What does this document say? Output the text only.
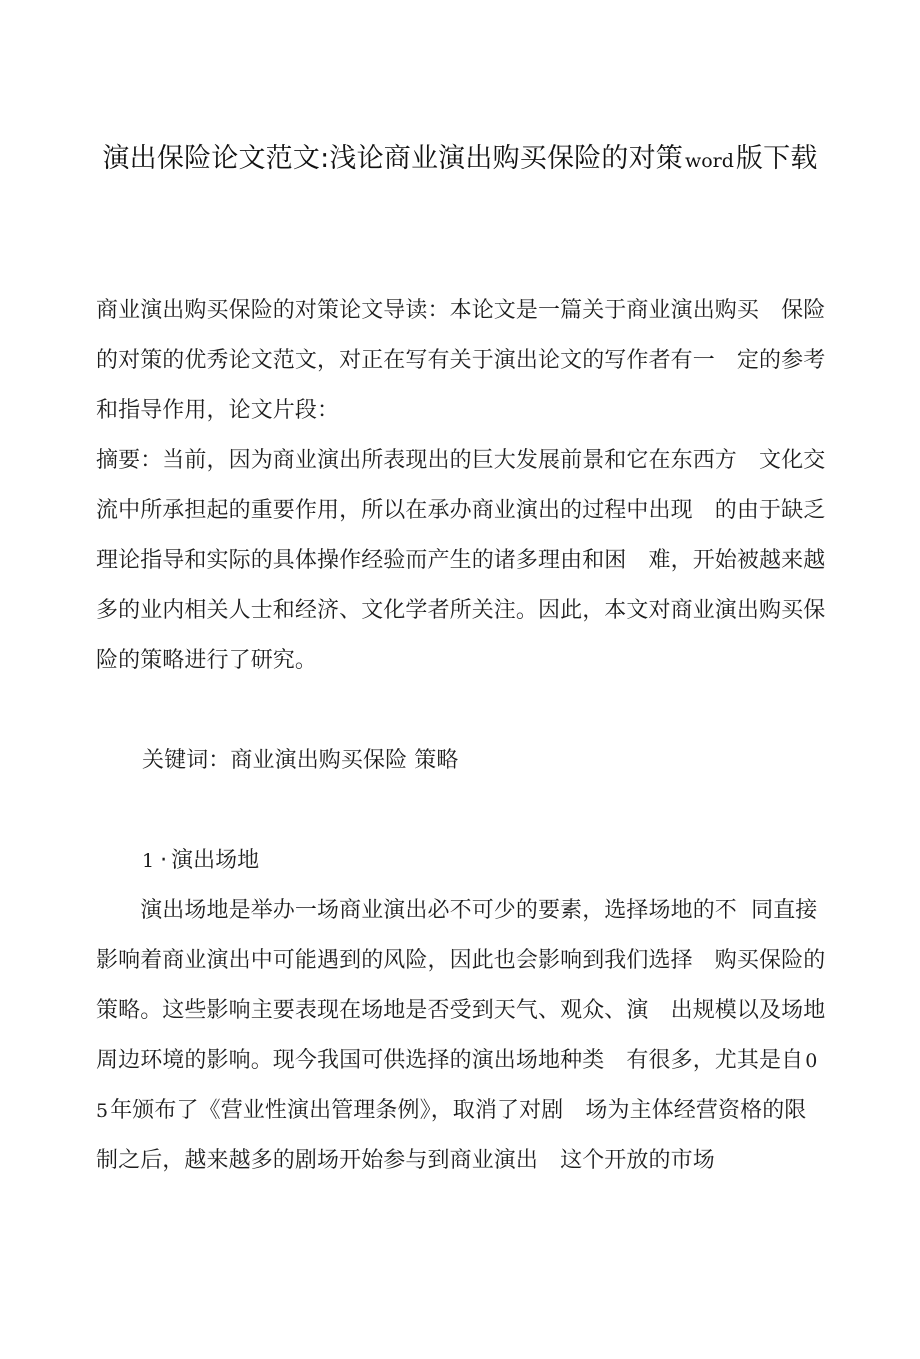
演出保险论文范文:浅论商业演出购买保险的对策 word版下载

商业演出购买保险的对策论文导读：本论文是一篇关于商业演出购买　保险的对策的优秀论文范文，对正在写有关于演出论文的写作者有一　定的参考和指导作用，论文片段：

摘要：当前，因为商业演出所表现出的巨大发展前景和它在东西方　文化交流中所承担起的重要作用，所以在承办商业演出的过程中出现　的由于缺乏理论指导和实际的具体操作经验而产生的诸多理由和困　难，开始被越来越多的业内相关人士和经济、文化学者所关注。因此，本文对商业演出购买保险的策略进行了研究。

关键词：商业演出购买保险 策略

1 · 演出场地

　　演出场地是举办一场商业演出必不可少的要素，选择场地的不  同直接影响着商业演出中可能遇到的风险，因此也会影响到我们选择　购买保险的策略。这些影响主要表现在场地是否受到天气、观众、演　出规模以及场地周边环境的影响。现今我国可供选择的演出场地种类　有很多，尤其是自 05年颁布了《营业性演出管理条例》，取消了对剧　场为主体经营资格的限制之后，越来越多的剧场开始参与到商业演出　这个开放的市场
